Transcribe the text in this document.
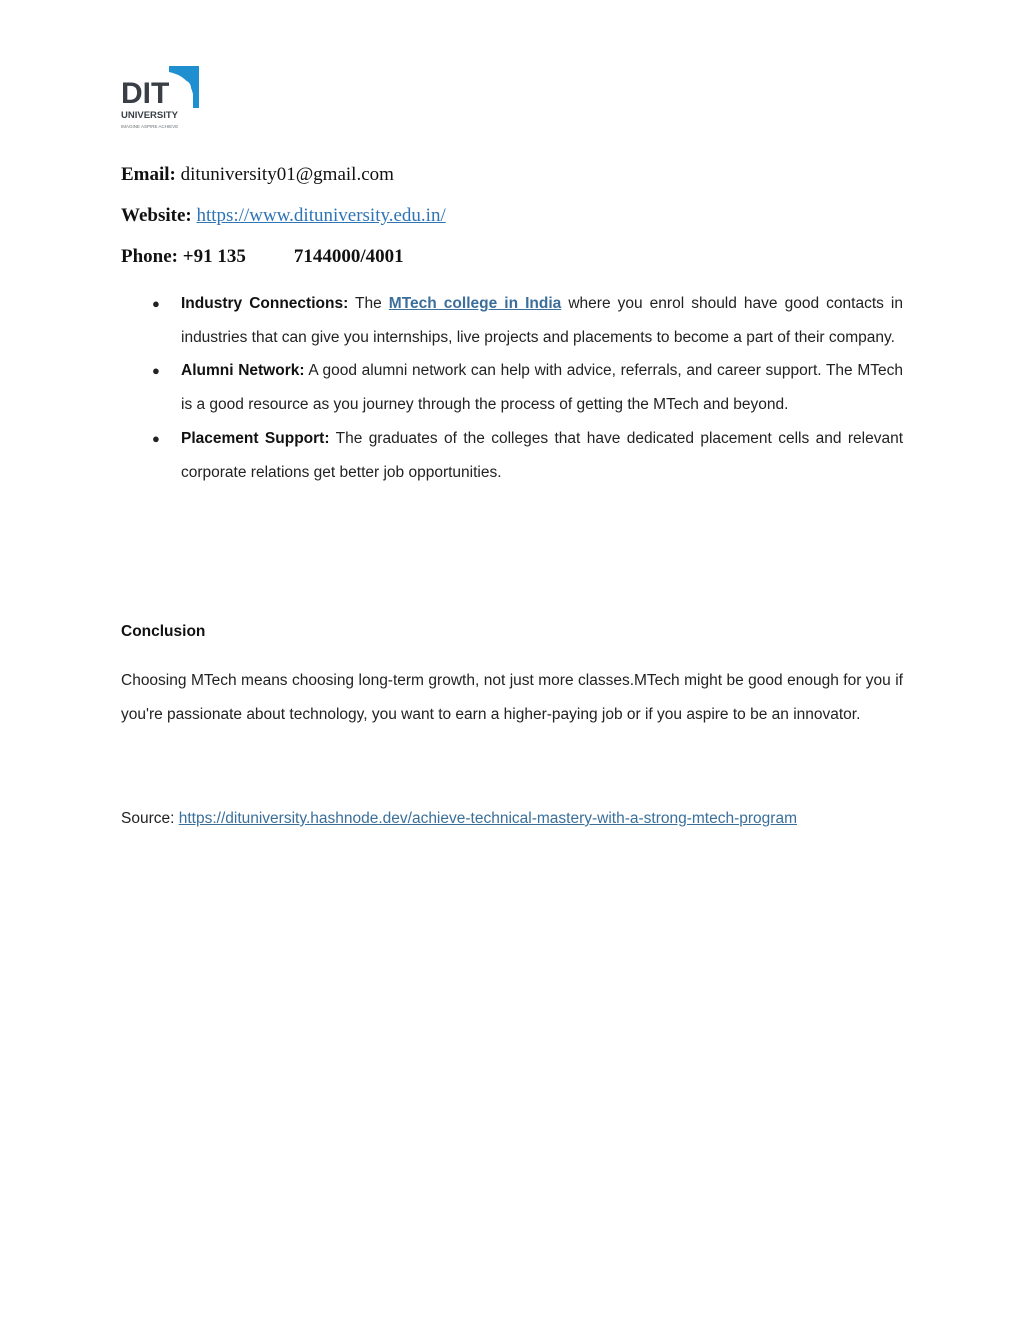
DIT
UNIVERSITY
IMAGINE ASPIRE ACHIEVE
Email: dituniversity01@gmail.com
Website: https://www.dituniversity.edu.in/
Phone: +91 135	7144000/4001
● Industry Connections: The MTech college in India where you enrol should have good contacts in industries that can give you internships, live projects and placements to become a part of their company.
● Alumni Network: A good alumni network can help with advice, referrals, and career support. The MTech is a good resource as you journey through the process of getting the MTech and beyond.
● Placement Support: The graduates of the colleges that have dedicated placement cells and relevant corporate relations get better job opportunities.
Conclusion

Choosing MTech means choosing long-term growth, not just more classes.MTech might be good enough for you if you're passionate about technology, you want to earn a higher-paying job or if you aspire to be an innovator.

Source: https://dituniversity.hashnode.dev/achieve-technical-mastery-with-a-strong-mtech-program
